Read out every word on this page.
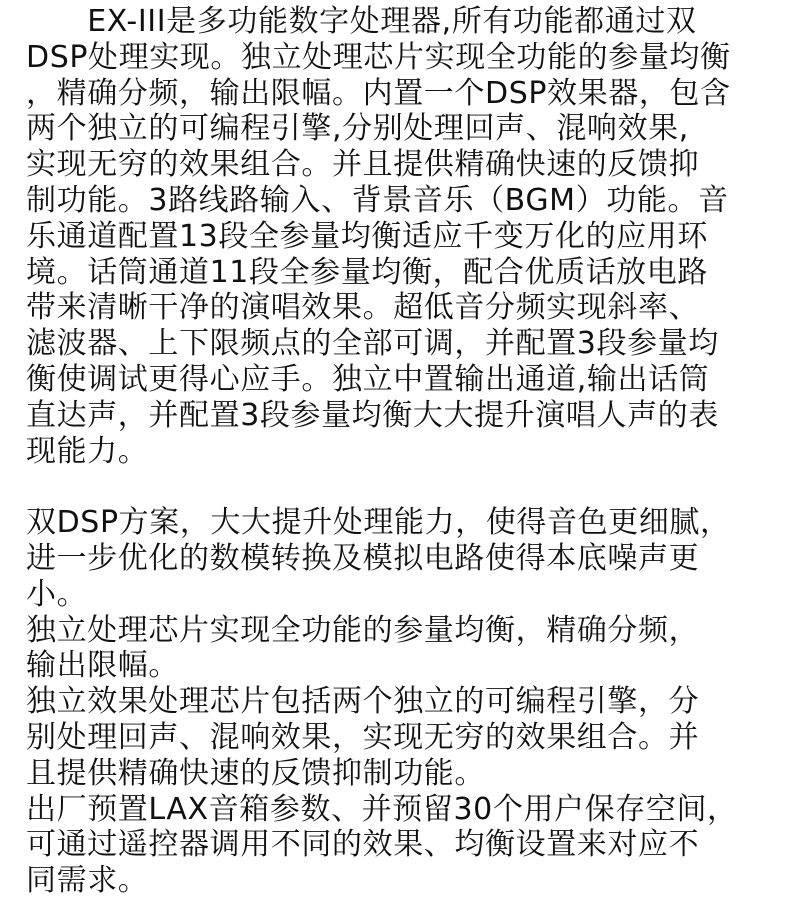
　　EX-III是多功能数字处理器,所有功能都通过双
DSP处理实现。独立处理芯片实现全功能的参量均衡
，精确分频，输出限幅。内置一个DSP效果器，包含
两个独立的可编程引擎,分别处理回声、混响效果,
实现无穷的效果组合。并且提供精确快速的反馈抑
制功能。3路线路输入、背景音乐（BGM）功能。音
乐通道配置13段全参量均衡适应千变万化的应用环
境。话筒通道11段全参量均衡，配合优质话放电路
带来清晰干净的演唱效果。超低音分频实现斜率、
滤波器、上下限频点的全部可调，并配置3段参量均
衡使调试更得心应手。独立中置输出通道,输出话筒
直达声，并配置3段参量均衡大大提升演唱人声的表
现能力。
双DSP方案，大大提升处理能力，使得音色更细腻，
进一步优化的数模转换及模拟电路使得本底噪声更
小。
独立处理芯片实现全功能的参量均衡，精确分频，
输出限幅。
独立效果处理芯片包括两个独立的可编程引擎，分
别处理回声、混响效果，实现无穷的效果组合。并
且提供精确快速的反馈抑制功能。
出厂预置LAX音箱参数、并预留30个用户保存空间，
可通过遥控器调用不同的效果、均衡设置来对应不
同需求。
